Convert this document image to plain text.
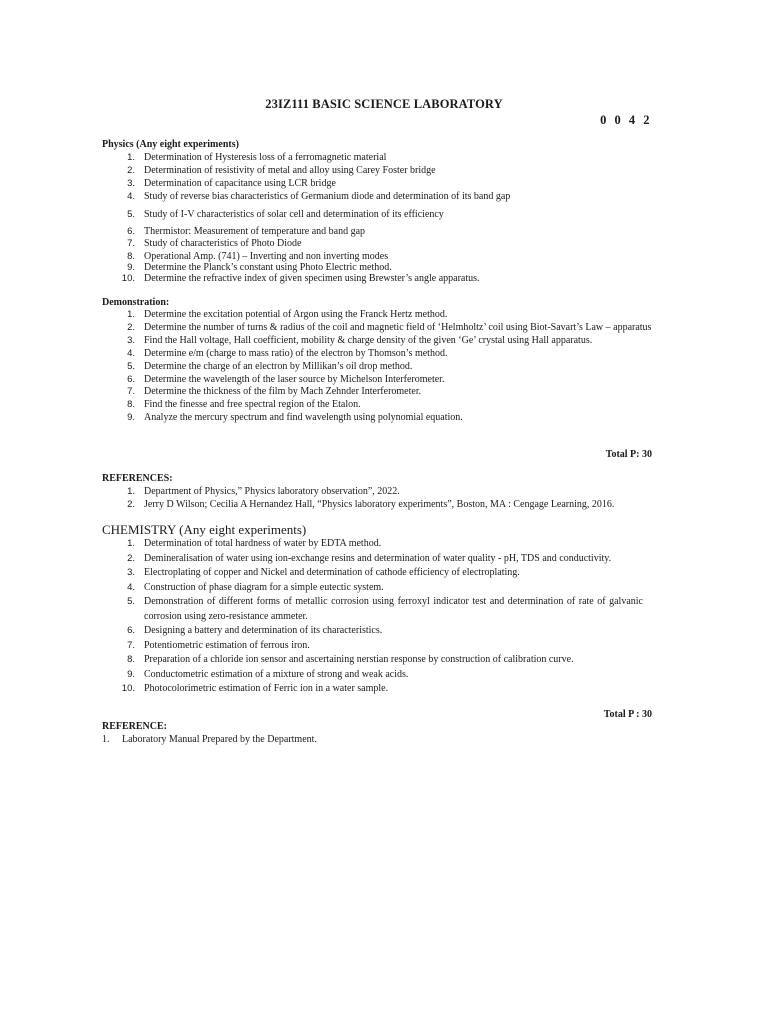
23IZ111 BASIC SCIENCE LABORATORY
0 0 4 2
Physics (Any eight experiments)
1. Determination of Hysteresis loss of a ferromagnetic material
2. Determination of resistivity of metal and alloy using Carey Foster bridge
3. Determination of capacitance using LCR bridge
4. Study of reverse bias characteristics of Germanium diode and determination of its band gap
5. Study of I-V characteristics of solar cell and determination of its efficiency
6. Thermistor: Measurement of temperature and band gap
7. Study of characteristics of Photo Diode
8. Operational Amp. (741) – Inverting and non inverting modes
9. Determine the Planck’s constant using Photo Electric method.
10. Determine the refractive index of given specimen using Brewster’s angle apparatus.
Demonstration:
1. Determine the excitation potential of Argon using the Franck Hertz method.
2. Determine the number of turns & radius of the coil and magnetic field of ‘Helmholtz’ coil using Biot-Savart’s Law – apparatus
3. Find the Hall voltage, Hall coefficient, mobility & charge density of the given ‘Ge’ crystal using Hall apparatus.
4. Determine e/m (charge to mass ratio) of the electron by Thomson’s method.
5. Determine the charge of an electron by Millikan’s oil drop method.
6. Determine the wavelength of the laser source by Michelson Interferometer.
7. Determine the thickness of the film by Mach Zehnder Interferometer.
8. Find the finesse and free spectral region of the Etalon.
9. Analyze the mercury spectrum and find wavelength using polynomial equation.
Total P: 30
REFERENCES:
1. Department of Physics,” Physics laboratory observation”, 2022.
2. Jerry D Wilson; Cecilia A Hernandez Hall, “Physics laboratory experiments”, Boston, MA : Cengage Learning, 2016.
CHEMISTRY (Any eight experiments)
1. Determination of total hardness of water by EDTA method.
2. Demineralisation of water using ion-exchange resins and determination of water quality - pH, TDS and conductivity.
3. Electroplating of copper and Nickel and determination of cathode efficiency of electroplating.
4. Construction of phase diagram for a simple eutectic system.
5. Demonstration of different forms of metallic corrosion using ferroxyl indicator test and determination of rate of galvanic corrosion using zero-resistance ammeter.
6. Designing a battery and determination of its characteristics.
7. Potentiometric estimation of ferrous iron.
8. Preparation of a chloride ion sensor and ascertaining nerstian response by construction of calibration curve.
9. Conductometric estimation of a mixture of strong and weak acids.
10. Photocolorimetric estimation of Ferric ion in a water sample.
Total P : 30
REFERENCE:
1. Laboratory Manual Prepared by the Department.
